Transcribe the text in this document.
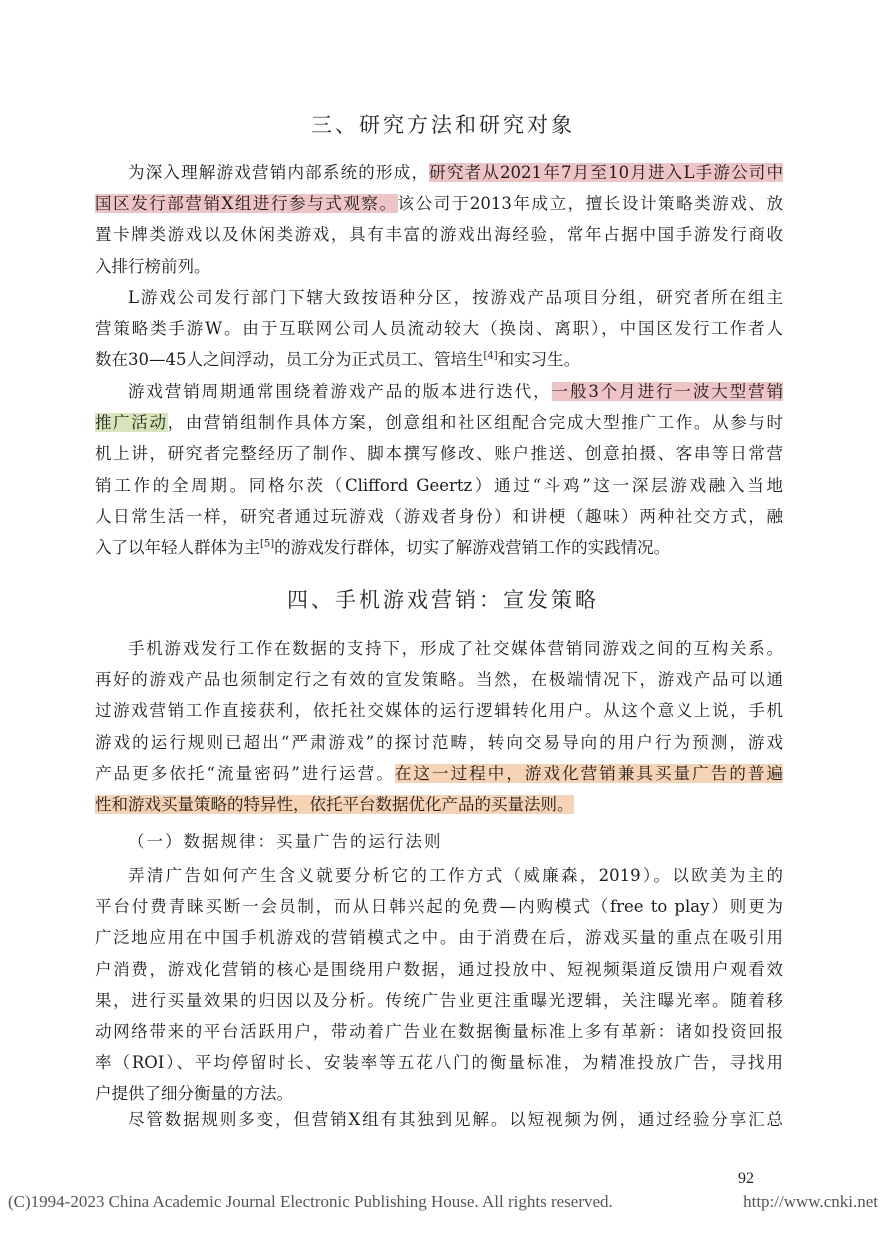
三、研究方法和研究对象
为深入理解游戏营销内部系统的形成，研究者从2021年7月至10月进入L手游公司中
国区发行部营销X组进行参与式观察。该公司于2013年成立，擅长设计策略类游戏、放
置卡牌类游戏以及休闲类游戏，具有丰富的游戏出海经验，常年占据中国手游发行商收
入排行榜前列。
L游戏公司发行部门下辖大致按语种分区，按游戏产品项目分组，研究者所在组主
营策略类手游W。由于互联网公司人员流动较大（换岗、离职），中国区发行工作者人
数在30—45人之间浮动，员工分为正式员工、管培生[4]和实习生。
游戏营销周期通常围绕着游戏产品的版本进行迭代，一般3个月进行一波大型营销
推广活动，由营销组制作具体方案，创意组和社区组配合完成大型推广工作。从参与时
机上讲，研究者完整经历了制作、脚本撰写修改、账户推送、创意拍摄、客串等日常营
销工作的全周期。同格尔茨（Clifford Geertz）通过“斗鸡”这一深层游戏融入当地
人日常生活一样，研究者通过玩游戏（游戏者身份）和讲梗（趣味）两种社交方式，融
入了以年轻人群体为主[5]的游戏发行群体，切实了解游戏营销工作的实践情况。
四、手机游戏营销：宣发策略
手机游戏发行工作在数据的支持下，形成了社交媒体营销同游戏之间的互构关系。
再好的游戏产品也须制定行之有效的宣发策略。当然，在极端情况下，游戏产品可以通
过游戏营销工作直接获利，依托社交媒体的运行逻辑转化用户。从这个意义上说，手机
游戏的运行规则已超出“严肃游戏”的探讨范畴，转向交易导向的用户行为预测，游戏
产品更多依托“流量密码”进行运营。在这一过程中，游戏化营销兼具买量广告的普遍
性和游戏买量策略的特异性，依托平台数据优化产品的买量法则。
（一）数据规律：买量广告的运行法则
弄清广告如何产生含义就要分析它的工作方式（威廉森，2019）。以欧美为主的
平台付费青睐买断一会员制，而从日韩兴起的免费—内购模式（free to play）则更为
广泛地应用在中国手机游戏的营销模式之中。由于消费在后，游戏买量的重点在吸引用
户消费，游戏化营销的核心是围绕用户数据，通过投放中、短视频渠道反馈用户观看效
果，进行买量效果的归因以及分析。传统广告业更注重曝光逻辑，关注曝光率。随着移
动网络带来的平台活跃用户，带动着广告业在数据衡量标准上多有革新：诸如投资回报
率（ROI）、平均停留时长、安装率等五花八门的衡量标准，为精准投放广告，寻找用
户提供了细分衡量的方法。
尽管数据规则多变，但营销X组有其独到见解。以短视频为例，通过经验分享汇总
92
(C)1994-2023 China Academic Journal Electronic Publishing House. All rights reserved.	http://www.cnki.net
